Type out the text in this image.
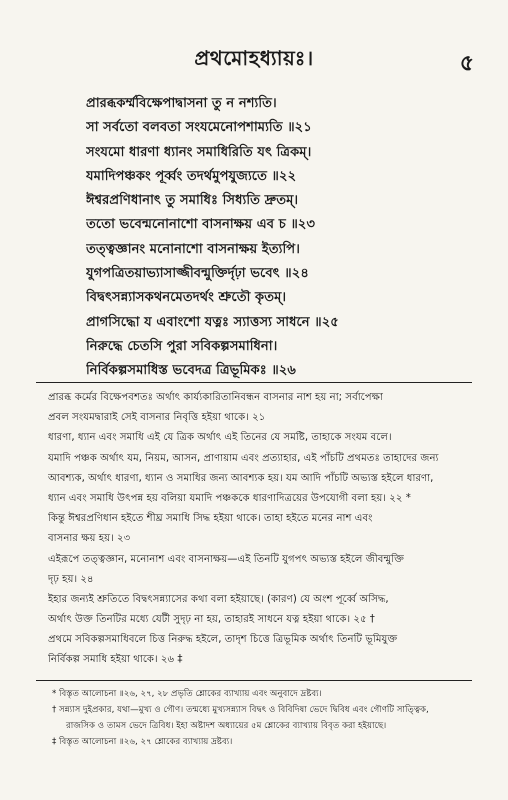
প্রথমোহধ্যায়ঃ।	৫
প্রারব্ধকর্ম্মবিক্ষেপাদ্বাসনা তু ন নশ্যতি।
সা সর্বতো বলবতা সংযমেনোপশাম্যতি ॥২১
সংযমো ধারণা ধ্যানং সমাধিরিতি যৎ ত্রিকম্।
যমাদিপঞ্চকং পূর্ব্বং তদর্থমুপযুজ্যতে ॥২২
ঈশ্বরপ্রণিধানাৎ তু সমাধিঃ সিধ্যতি দ্রুতম্।
ততো ভবেন্মনোনাশো বাসনাক্ষয় এব চ ॥২৩
তত্ত্বজ্ঞানং মনোনাশো বাসনাক্ষয় ইত্যপি।
যুগপত্রিতয়াভ্যাসাজ্জীবন্মুক্তির্দৃঢ়া ভবেৎ ॥২৪
বিদ্বৎসন্ন্যাসকথনমেতদর্থং শ্রুতৌ কৃতম্।
প্রাগসিদ্ধো য এবাংশো যত্নঃ স্যাত্তস্য সাধনে ॥২৫
নিরুদ্ধে চেতসি পুরা সবিকল্পসমাধিনা।
নির্বিকল্পসমাধিস্ত ভবেদত্র ত্রিভূমিকঃ ॥২৬
প্রারব্ধ কর্মের বিক্ষেপবশতঃ অর্থাৎ কার্য্যকারিতানিবন্ধন বাসনার নাশ হয় না; সর্বাপেক্ষা
প্রবল সংযমদ্বারাই সেই বাসনার নিবৃত্তি হইয়া থাকে। ২১
ধারণা, ধ্যান এবং সমাধি এই যে ত্রিক অর্থাৎ এই তিনের যে সমষ্টি, তাহাকে সংযম বলে।
যমাদি পঞ্চক অর্থাৎ যম, নিয়ম, আসন, প্রাণায়াম এবং প্রত্যাহার, এই পাঁচটি প্রথমতঃ তাহাদের জন্য
আবশ্যক, অর্থাৎ ধারণা, ধ্যান ও সমাধির জন্য আবশ্যক হয়। যম আদি পাঁচটি অভ্যস্ত হইলে ধারণা,
ধ্যান এবং সমাধি উৎপন্ন হয় বলিয়া যমাদি পঞ্চককে ধারণাদিত্রয়ের উপযোগী বলা হয়। ২২ *
কিন্তু ঈশ্বরপ্রণিধান হইতে শীঘ্র সমাধি সিদ্ধ হইয়া থাকে। তাহা হইতে মনের নাশ এবং
বাসনার ক্ষয় হয়। ২৩
এইরূপে তত্ত্বজ্ঞান, মনোনাশ এবং বাসনাক্ষয়—এই তিনটি যুগপৎ অভ্যস্ত হইলে জীবন্মুক্তি
দৃঢ় হয়। ২৪
ইহার জন্যই শ্রুতিতে বিদ্বৎসন্ন্যাসের কথা বলা হইয়াছে। (কারণ) যে অংশ পূর্ব্বে অসিদ্ধ,
অর্থাৎ উক্ত তিনটির মধ্যে যেটী সুদৃঢ় না হয়, তাহারই সাধনে যত্ন হইয়া থাকে। ২৫ †
প্রথমে সবিকল্পসমাধিবলে চিত্ত নিরুদ্ধ হইলে, তাদৃশ চিত্তে ত্রিভূমিক অর্থাৎ তিনটি ভূমিযুক্ত
নির্বিকল্প সমাধি হইয়া থাকে। ২৬ ‡
* বিস্তৃত আলোচনা ॥২৬, ২৭, ২৮ প্রভৃতি শ্লোকের ব্যাখ্যায় এবং অনুবাদে দ্রষ্টব্য।
† সন্ন্যাস দুইপ্রকার, যথা—মুখ্য ও গৌণ। তন্মধ্যে মুখ্যসন্ন্যাস বিদ্বৎ ও বিবিদিষা ভেদে দ্বিবিধ এবং গৌণটি সাত্ত্বিক,
রাজসিক ও তামস ভেদে ত্রিবিধ। ইহা অষ্টাদশ অধ্যায়ের ৫ম শ্লোকের ব্যাখ্যায় বিবৃত করা হইয়াছে।
‡ বিস্তৃত আলোচনা ॥২৬, ২৭ শ্লোকের ব্যাখ্যায় দ্রষ্টব্য।
